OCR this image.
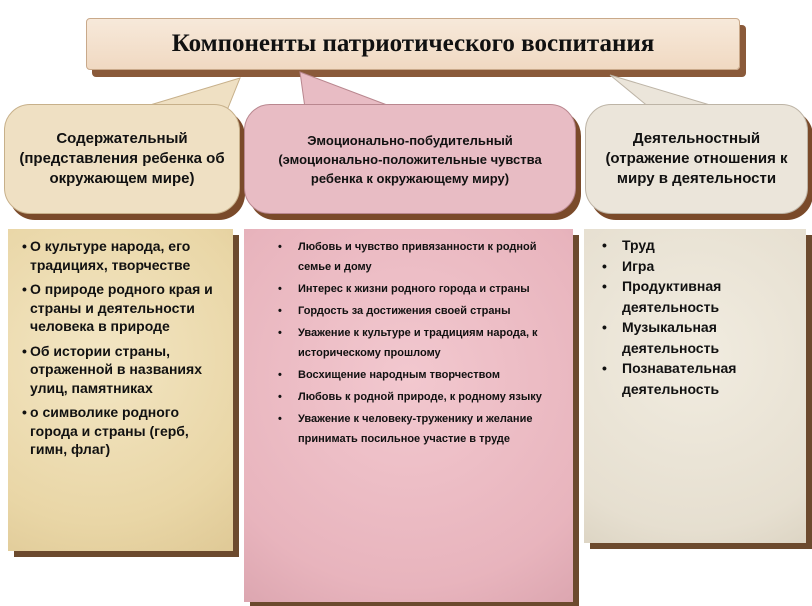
Компоненты патриотического воспитания
Содержательный (представления ребенка об окружающем мире)
Эмоционально-побудительный (эмоционально-положительные чувства ребенка к окружающему миру)
Деятельностный (отражение отношения к миру в деятельности
• О культуре народа, его традициях, творчестве
• О природе родного края и страны и деятельности человека в природе
• Об истории страны, отраженной в названиях улиц, памятниках
• о символике родного города и страны (герб, гимн, флаг)
• Любовь и чувство привязанности к родной семье и дому
• Интерес к жизни родного города и страны
• Гордость за достижения своей страны
• Уважение к культуре и традициям народа, к историческому прошлому
• Восхищение народным творчеством
• Любовь к родной природе, к родному языку
• Уважение к человеку-труженику и желание принимать посильное участие в труде
• Труд
• Игра
• Продуктивная деятельность
• Музыкальная деятельность
• Познавательная деятельность
